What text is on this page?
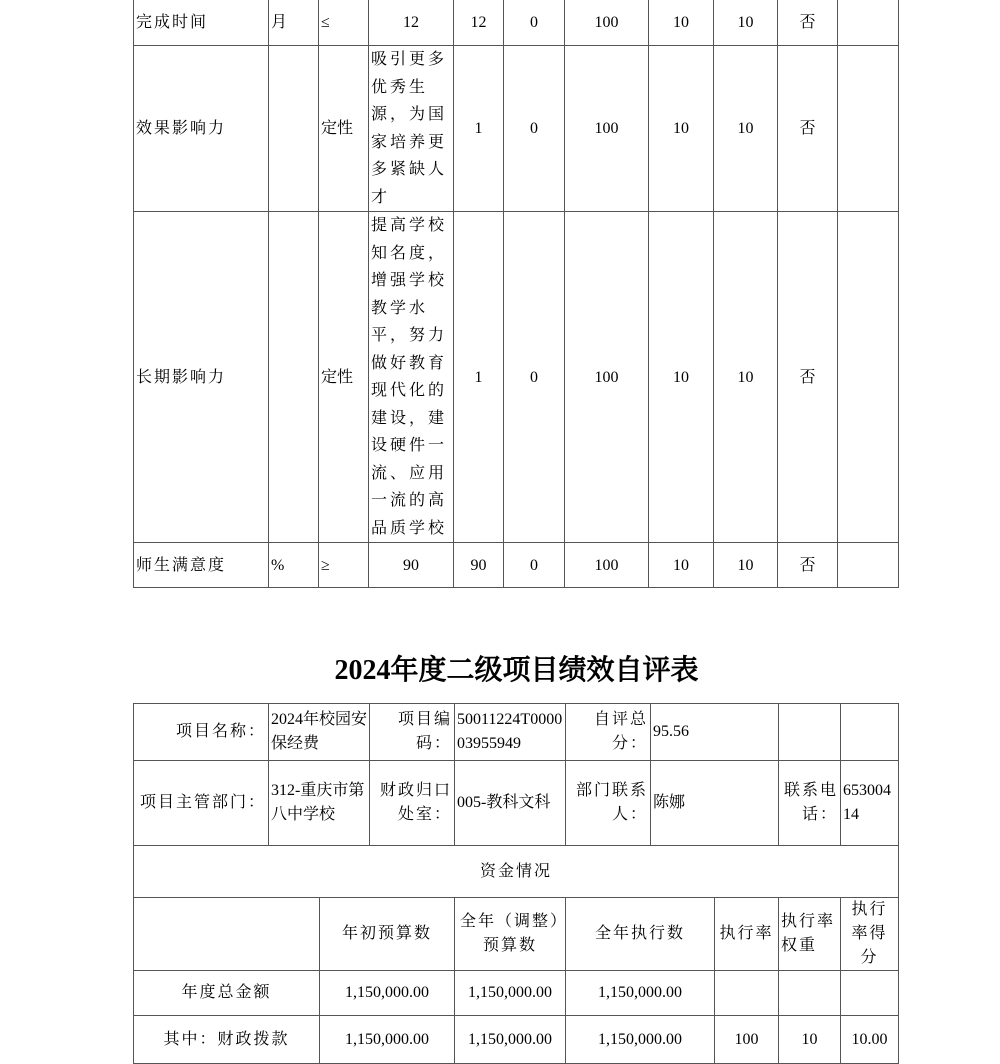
完成时间	月	≤	12	12	0	100	10	10	否	
效果影响力		定性	吸引更多优秀生源，为国家培养更多紧缺人才	1	0	100	10	10	否	
长期影响力		定性	提高学校知名度，增强学校教学水平，努力做好教育现代化的建设，建设硬件一流、应用一流的高品质学校	1	0	100	10	10	否	
师生满意度	%	≥	90	90	0	100	10	10	否	
2024年度二级项目绩效自评表
项目名称：	2024年校园安保经费		项目编码：	50011224T000003955949	自评总分：	95.56			
项目主管部门：	312-重庆市第八中学校		财政归口处室：	005-教科文科	部门联系人：	陈娜		联系电话：	65300414
资金情况									
		年初预算数		全年（调整）预算数	全年执行数		执行率	执行率权重	执行率得分
年度总金额		1,150,000.00		1,150,000.00	1,150,000.00				
其中：财政拨款		1,150,000.00		1,150,000.00	1,150,000.00		100	10	10.00
